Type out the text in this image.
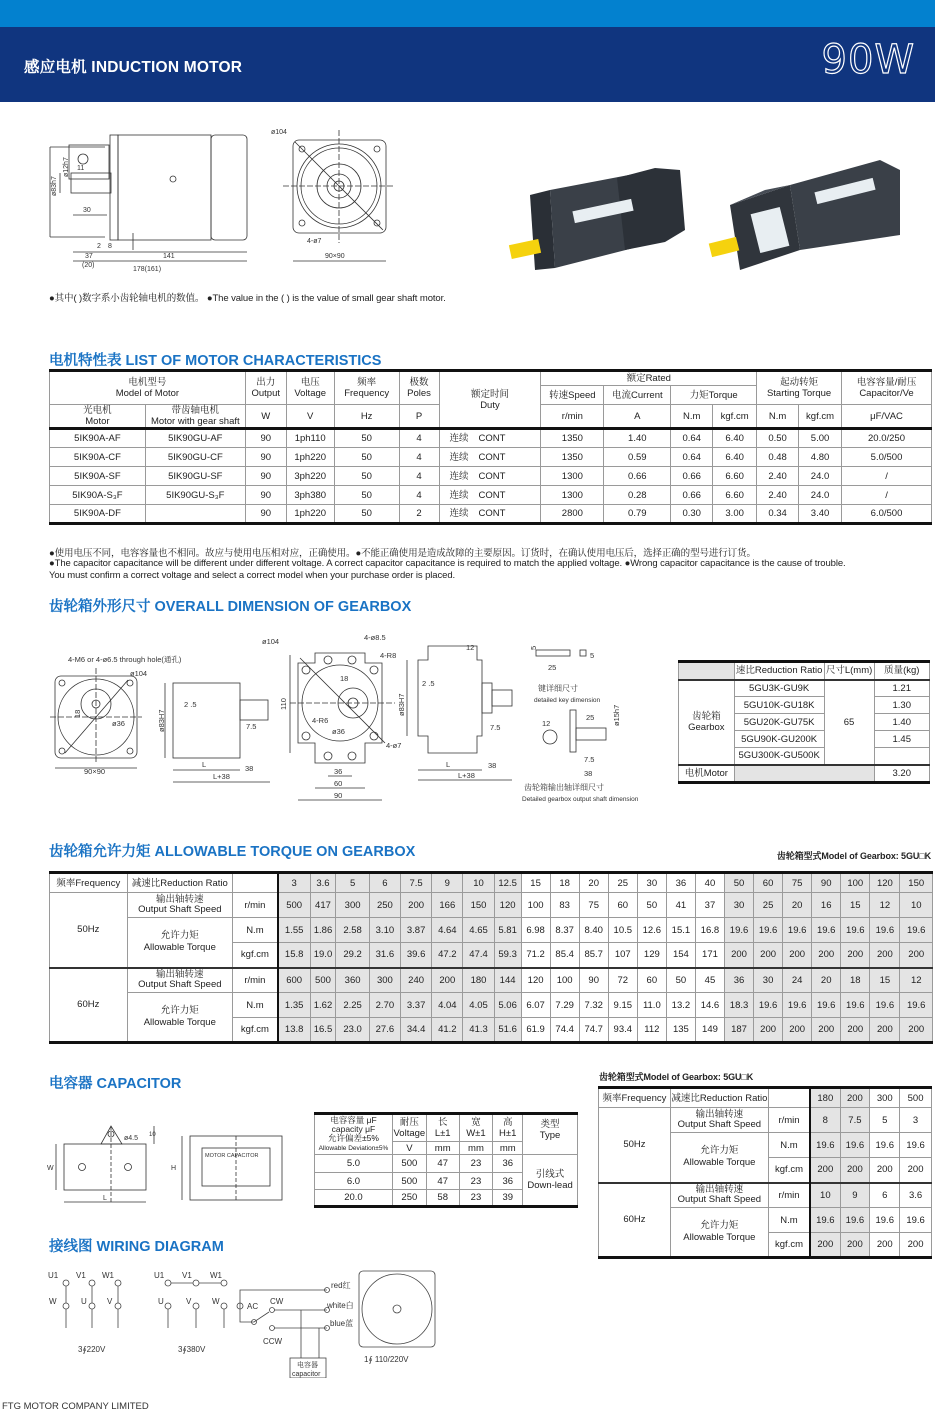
感应电机 INDUCTION MOTOR	90W
ø83h7
ø12h7 11
30
2 8
37
(20)
141
178(161)
ø104
4-ø7
90×90
●其中( )数字系小齿轮轴电机的数值。 ●The value in the ( ) is the value of small gear shaft motor.
电机特性表 LIST OF MOTOR CHARACTERISTICS
电机型号
Model of Motor	出力
Output	电压
Voltage	频率
Frequency	极数
Poles	额定时间
Duty	额定Rated	起动转矩
Starting Torque	电容容量/耐压
Capacitor/Ve
转速Speed	电流Current	力矩Torque
光电机
Motor	带齿轴电机
Motor with gear shaft	W	V	Hz	P	r/min	A	N.m	kgf.cm	N.m	kgf.cm	μF/VAC
5IK90A-AF	5IK90GU-AF	90	1ph110	50	4	连续 CONT	1350	1.40	0.64	6.40	0.50	5.00	20.0/250
5IK90A-CF	5IK90GU-CF	90	1ph220	50	4	连续 CONT	1350	0.59	0.64	6.40	0.48	4.80	5.0/500
5IK90A-SF	5IK90GU-SF	90	3ph220	50	4	连续 CONT	1300	0.66	0.66	6.60	2.40	24.0	/
5IK90A-S₃F	5IK90GU-S₃F	90	3ph380	50	4	连续 CONT	1300	0.28	0.66	6.60	2.40	24.0	/
5IK90A-DF		90	1ph220	50	2	连续 CONT	2800	0.79	0.30	3.00	0.34	3.40	6.0/500
●使用电压不同，电容容量也不相同。故应与使用电压相对应，正确使用。●不能正确使用是造成故障的主要原因。订货时，在确认使用电压后，选择正确的型号进行订货。
●The capacitor capacitance will be different under different voltage. A correct capacitor capacitance is required to match the applied voltage. ●Wrong capacitor capacitance is the cause of trouble.
You must confirm a correct voltage and select a correct model when your purchase order is placed.
齿轮箱外形尺寸 OVERALL DIMENSION OF GEARBOX
4-M6 or 4-ø6.5 through hole(通孔)
ø104
ø36
18
90×90
2 .5
ø83H7	7.5
L	38
L+38
ø104	4-ø8.5
4-R8
18
4-R6
ø36
4-ø7
110
36
60
90
12
2 .5
ø83H7
7.5
L	38
L+38
5
5
25
键详细尺寸
detailed key dimension
12
25 ø15h7
7.5
38
齿轮箱输出轴详细尺寸
Detailed gearbox output shaft dimension
	速比Reduction Ratio	尺寸L(mm)	质量(kg)
齿轮箱
Gearbox	5GU3K-GU9K	65	1.21
5GU10K-GU18K	1.30
5GU20K-GU75K	1.40
5GU90K-GU200K	1.45
5GU300K-GU500K	
电机Motor		3.20
齿轮箱允许力矩 ALLOWABLE TORQUE ON GEARBOX	齿轮箱型式Model of Gearbox: 5GU□K
频率Frequency	减速比Reduction Ratio		3	3.6	5	6	7.5	9	10	12.5	15	18	20	25	30	36	40	50	60	75	90	100	120	150
50Hz	输出轴转速
Output Shaft Speed	r/min	500	417	300	250	200	166	150	120	100	83	75	60	50	41	37	30	25	20	16	15	12	10
允许力矩
Allowable Torque	N.m	1.55	1.86	2.58	3.10	3.87	4.64	4.65	5.81	6.98	8.37	8.40	10.5	12.6	15.1	16.8	19.6	19.6	19.6	19.6	19.6	19.6	19.6
kgf.cm	15.8	19.0	29.2	31.6	39.6	47.2	47.4	59.3	71.2	85.4	85.7	107	129	154	171	200	200	200	200	200	200	200
60Hz	输出轴转速
Output Shaft Speed	r/min	600	500	360	300	240	200	180	144	120	100	90	72	60	50	45	36	30	24	20	18	15	12
允许力矩
Allowable Torque	N.m	1.35	1.62	2.25	2.70	3.37	4.04	4.05	5.06	6.07	7.29	7.32	9.15	11.0	13.2	14.6	18.3	19.6	19.6	19.6	19.6	19.6	19.6
kgf.cm	13.8	16.5	23.0	27.6	34.4	41.2	41.3	51.6	61.9	74.4	74.7	93.4	112	135	149	187	200	200	200	200	200	200
电容器 CAPACITOR
ø4.5 10
W
L
H
MOTOR CAPACITOR
电容容量 μF
capacity μF
允许偏差±5%
Allowable Deviation±5%	耐压
Voltage	长
L±1	宽
W±1	高
H±1	类型
Type
V	mm	mm	mm
5.0	500	47	23	36	引线式
Down-lead
6.0	500	47	23	36
20.0	250	58	23	39
齿轮箱型式Model of Gearbox: 5GU□K
频率Frequency	减速比Reduction Ratio		180	200	300	500
50Hz	输出轴转速
Output Shaft Speed	r/min	8	7.5	5	3
允许力矩
Allowable Torque	N.m	19.6	19.6	19.6	19.6
kgf.cm	200	200	200	200
60Hz	输出轴转速
Output Shaft Speed	r/min	10	9	6	3.6
允许力矩
Allowable Torque	N.m	19.6	19.6	19.6	19.6
kgf.cm	200	200	200	200
接线图 WIRING DIAGRAM
U1 V1 W1
W	U	V
3∮220V
U1 V1 W1
U	V	W
3∮380V
AC
CW
CCW
red红
white白
blue蓝
电容器
capacitor
1∮ 110/220V
FTG MOTOR COMPANY LIMITED
